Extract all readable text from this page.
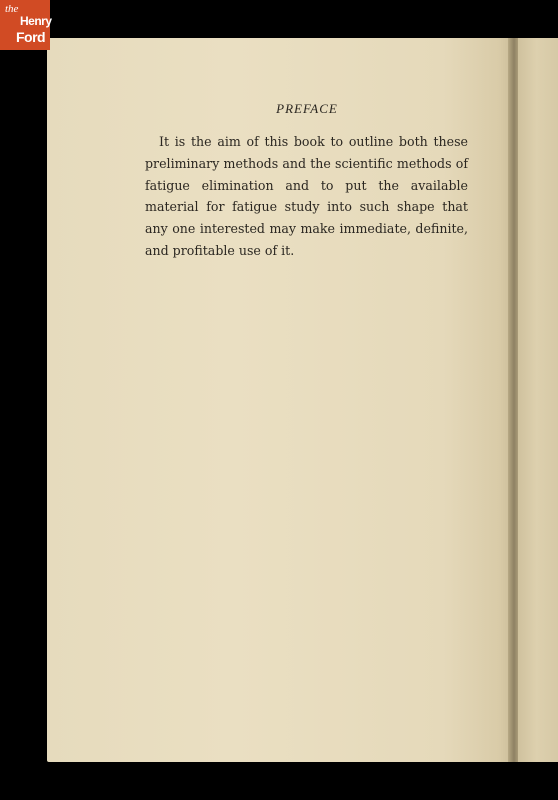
the
Henry
Ford
PREFACE

It is the aim of this book to outline both these preliminary methods and the scientific methods of fatigue elimination and to put the available material for fatigue study into such shape that any one interested may make immediate, definite, and profitable use of it.
